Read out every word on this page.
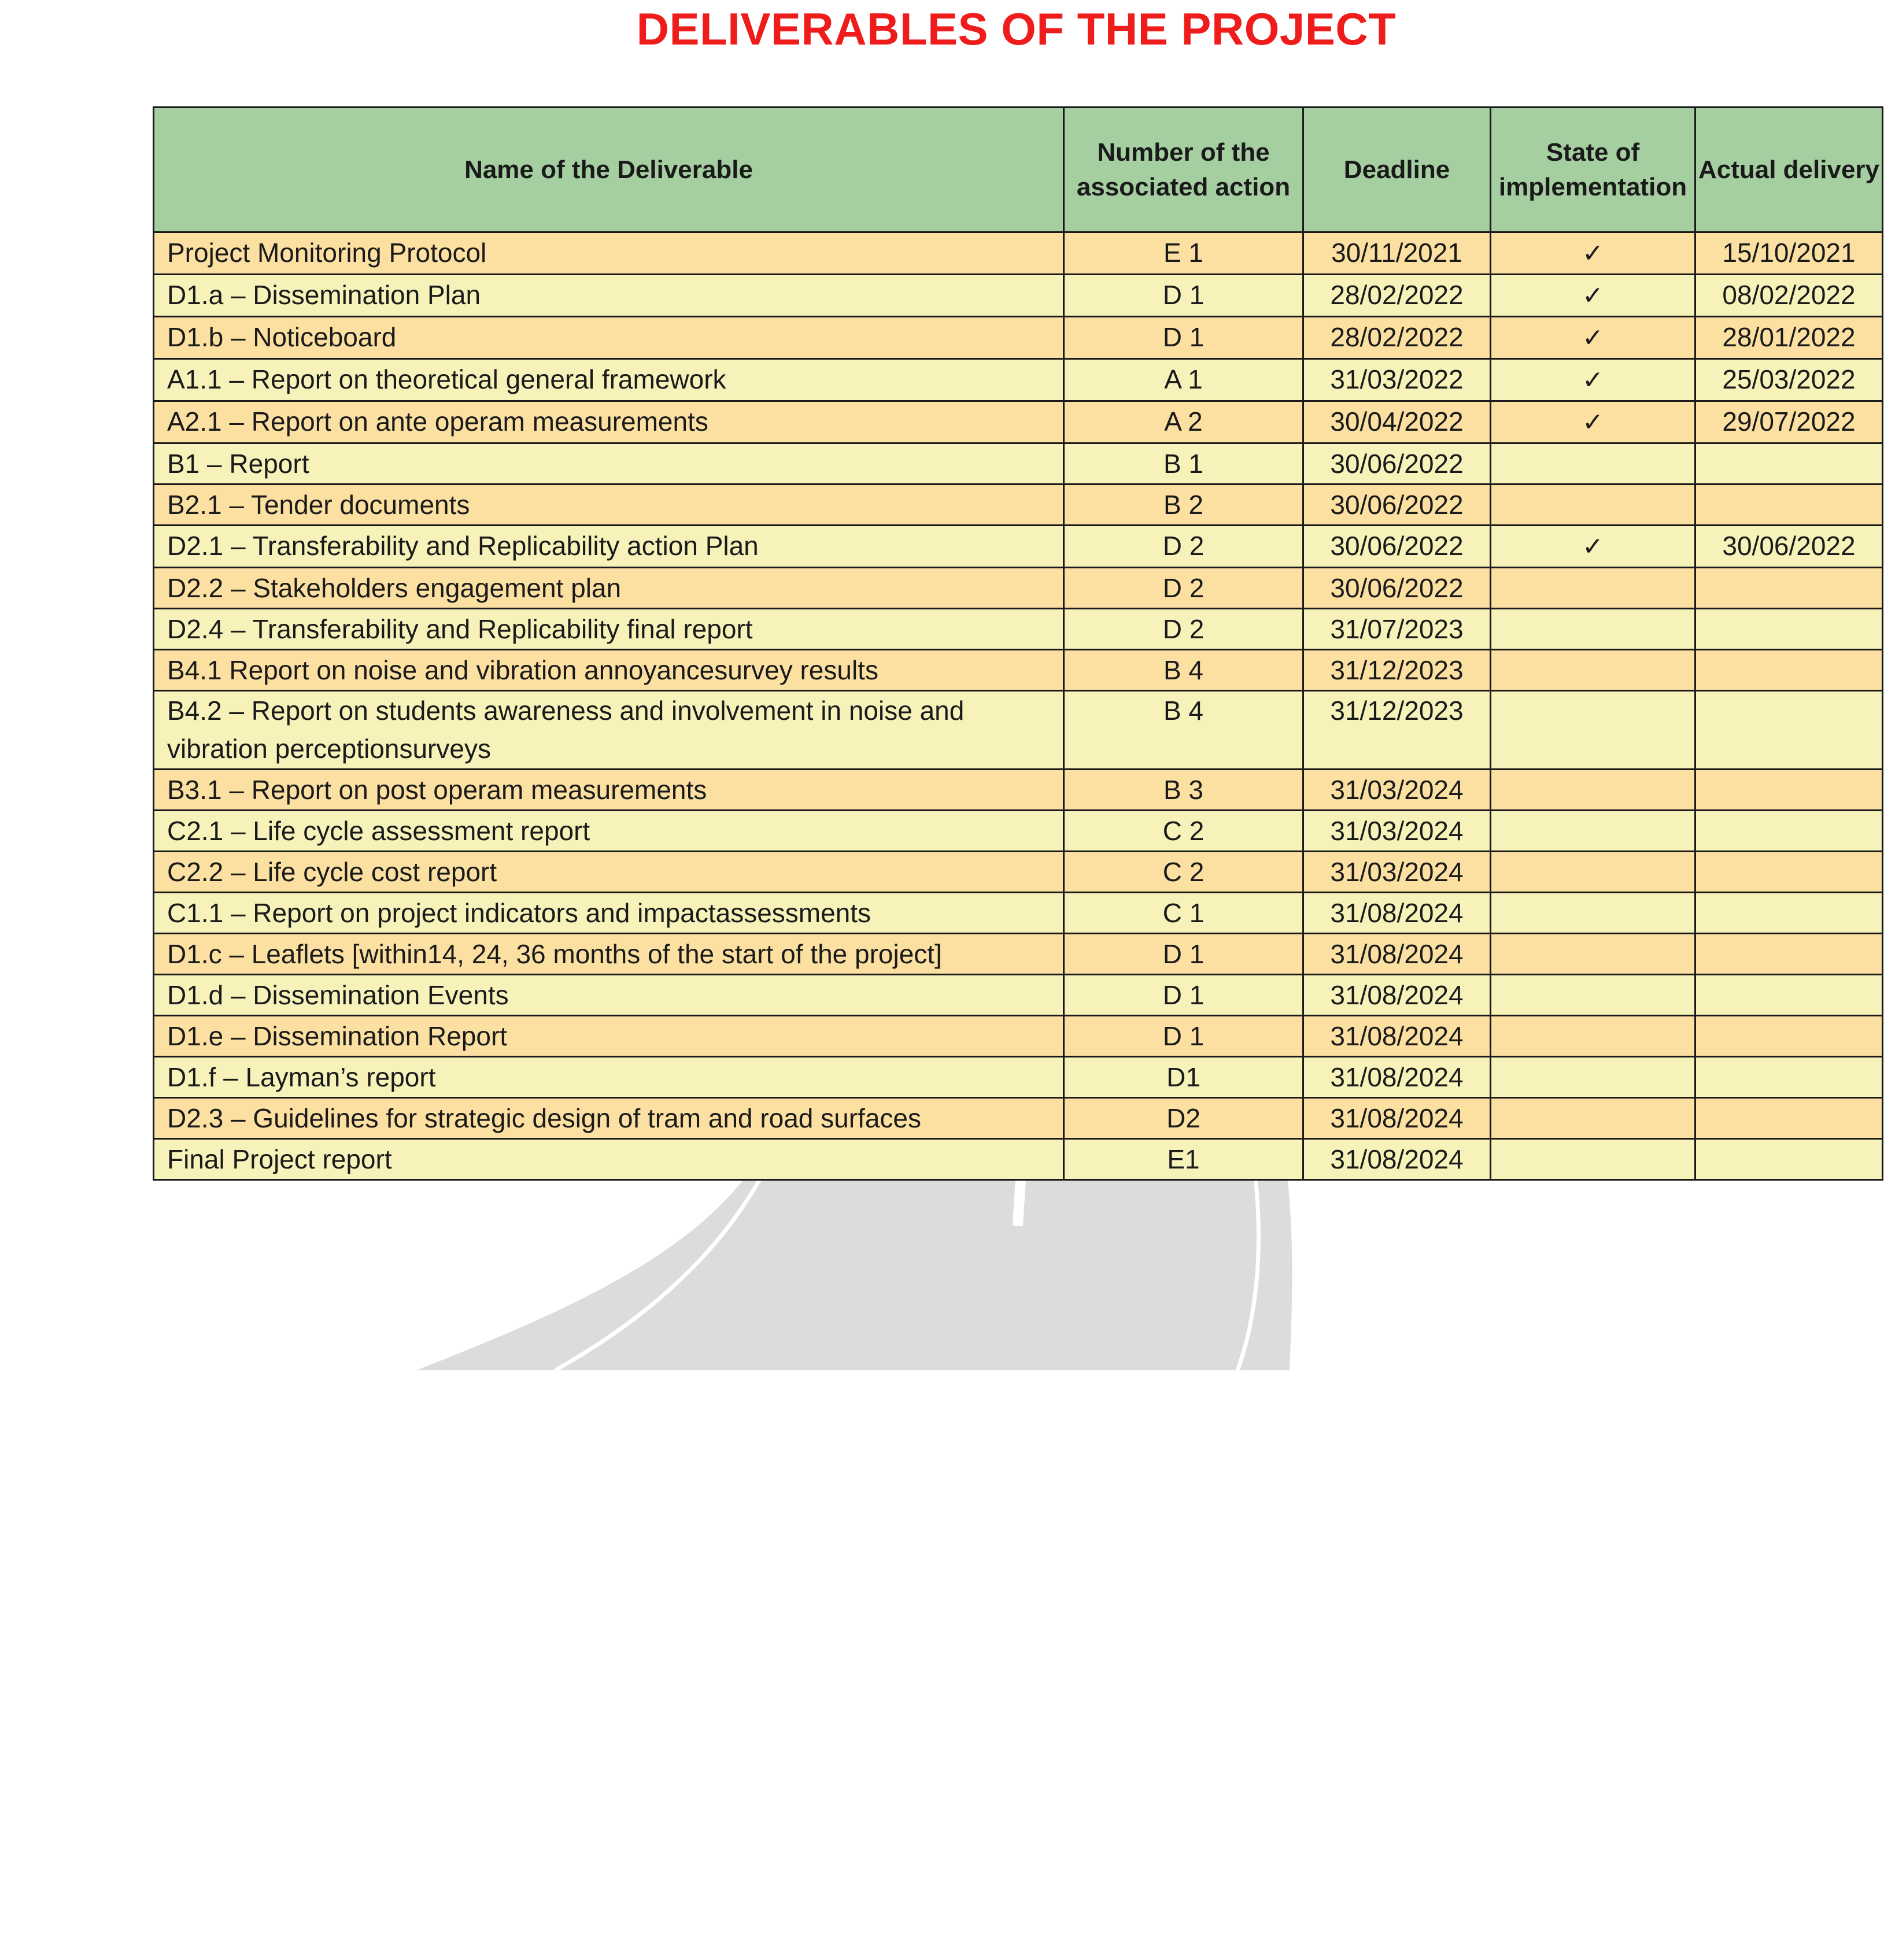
DELIVERABLES OF THE PROJECT
Name of the Deliverable	Number of the associated action	Deadline	State of implementation	Actual delivery
Project Monitoring Protocol	E 1	30/11/2021	✓	15/10/2021
D1.a – Dissemination Plan	D 1	28/02/2022	✓	08/02/2022
D1.b – Noticeboard	D 1	28/02/2022	✓	28/01/2022
A1.1 – Report on theoretical general framework	A 1	31/03/2022	✓	25/03/2022
A2.1 – Report on ante operam measurements	A 2	30/04/2022	✓	29/07/2022
B1 – Report	B 1	30/06/2022		
B2.1 – Tender documents	B 2	30/06/2022		
D2.1 – Transferability and Replicability action Plan	D 2	30/06/2022	✓	30/06/2022
D2.2 – Stakeholders engagement plan	D 2	30/06/2022		
D2.4 – Transferability and Replicability final report	D 2	31/07/2023		
B4.1 Report on noise and vibration annoyancesurvey results	B 4	31/12/2023		
B4.2 – Report on students awareness and involvement in noise and vibration perceptionsurveys	B 4	31/12/2023		
B3.1 – Report on post operam measurements	B 3	31/03/2024		
C2.1 – Life cycle assessment report	C 2	31/03/2024		
C2.2 – Life cycle cost report	C 2	31/03/2024		
C1.1 – Report on project indicators and impactassessments	C 1	31/08/2024		
D1.c – Leaflets [within14, 24, 36 months of the start of the project]	D 1	31/08/2024		
D1.d – Dissemination Events	D 1	31/08/2024		
D1.e – Dissemination Report	D 1	31/08/2024		
D1.f – Layman’s report	D1	31/08/2024		
D2.3 – Guidelines for strategic design of tram and road surfaces	D2	31/08/2024		
Final Project report	E1	31/08/2024		
